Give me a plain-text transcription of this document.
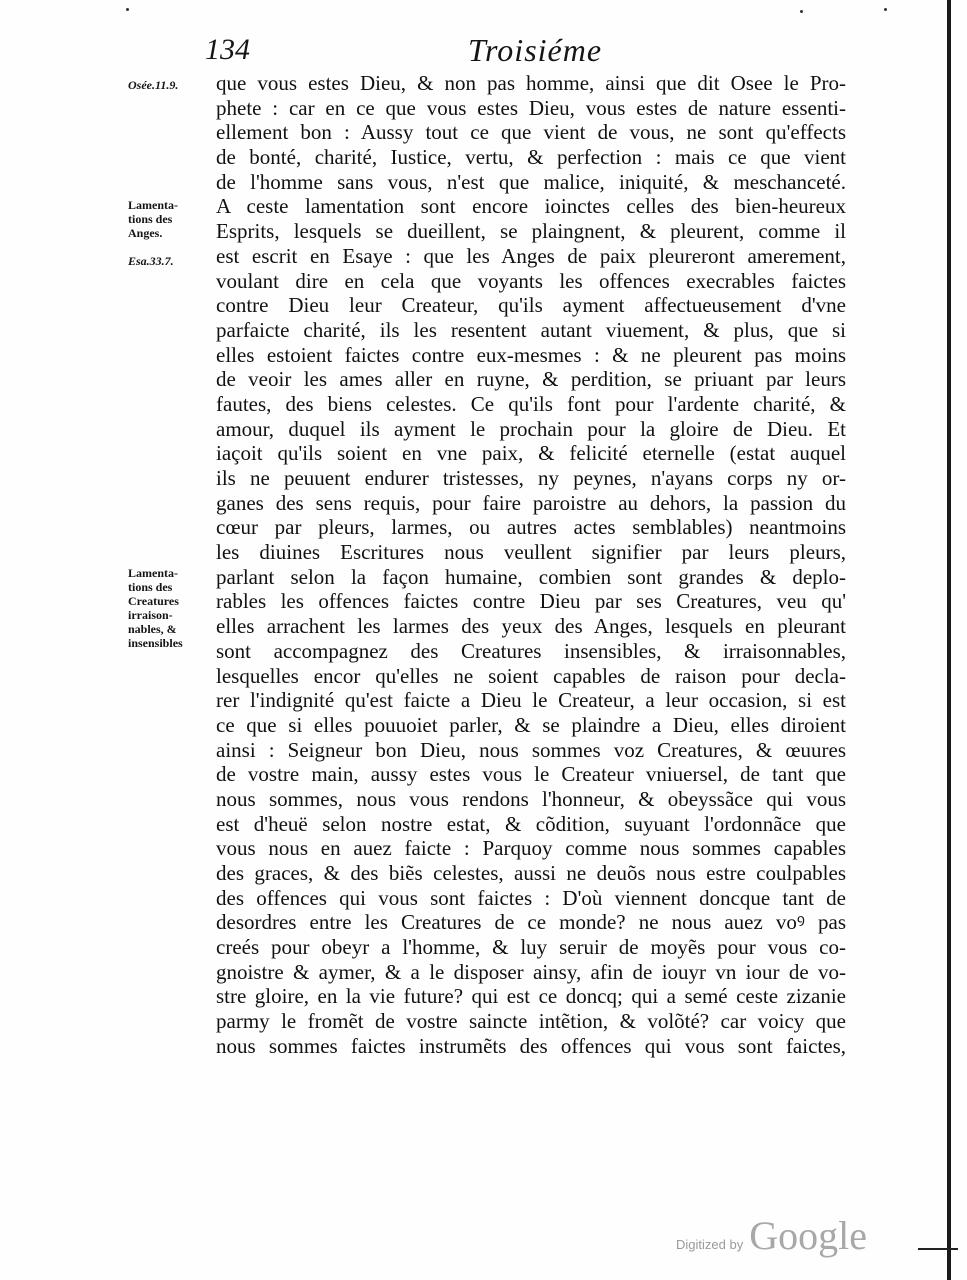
134	Troisiéme
Osée.11.9.
Lamenta-
tions des
Anges.
Esa.33.7.
Lamenta-
tions des
Creatures
irraison-
nables, &
insensibles
que vous estes Dieu, & non pas homme, ainsi que dit Osee le Pro-
phete : car en ce que vous estes Dieu, vous estes de nature essenti-
ellement bon : Aussy tout ce que vient de vous, ne sont qu'effects
de bonté, charité, Iustice, vertu, & perfection : mais ce que vient
de l'homme sans vous, n'est que malice, iniquité, & meschanceté.
A ceste lamentation sont encore ioinctes celles des bien-heureux
Esprits, lesquels se dueillent, se plaingnent, & pleurent, comme il
est escrit en Esaye : que les Anges de paix pleureront amerement,
voulant dire en cela que voyants les offences execrables faictes
contre Dieu leur Createur, qu'ils ayment affectueusement d'vne
parfaicte charité, ils les resentent autant viuement, & plus, que si
elles estoient faictes contre eux-mesmes : & ne pleurent pas moins
de veoir les ames aller en ruyne, & perdition, se priuant par leurs
fautes, des biens celestes. Ce qu'ils font pour l'ardente charité, &
amour, duquel ils ayment le prochain pour la gloire de Dieu. Et
iaçoit qu'ils soient en vne paix, & felicité eternelle (estat auquel
ils ne peuuent endurer tristesses, ny peynes, n'ayans corps ny or-
ganes des sens requis, pour faire paroistre au dehors, la passion du
cœur par pleurs, larmes, ou autres actes semblables) neantmoins
les diuines Escritures nous veullent signifier par leurs pleurs,
parlant selon la façon humaine, combien sont grandes & deplo-
rables les offences faictes contre Dieu par ses Creatures, veu qu'
elles arrachent les larmes des yeux des Anges, lesquels en pleurant
sont accompagnez des Creatures insensibles, & irraisonnables,
lesquelles encor qu'elles ne soient capables de raison pour decla-
rer l'indignité qu'est faicte a Dieu le Createur, a leur occasion, si est
ce que si elles pouuoiet parler, & se plaindre a Dieu, elles diroient
ainsi : Seigneur bon Dieu, nous sommes voz Creatures, & œuures
de vostre main, aussy estes vous le Createur vniuersel, de tant que
nous sommes, nous vous rendons l'honneur, & obeyssãce qui vous
est d'heuë selon nostre estat, & cõdition, suyuant l'ordonnãce que
vous nous en auez faicte : Parquoy comme nous sommes capables
des graces, & des biẽs celestes, aussi ne deuõs nous estre coulpables
des offences qui vous sont faictes : D'où viennent doncque tant de
desordres entre les Creatures de ce monde? ne nous auez voꝰ pas
creés pour obeyr a l'homme, & luy seruir de moyẽs pour vous co-
gnoistre & aymer, & a le disposer ainsy, afin de iouyr vn iour de vo-
stre gloire, en la vie future? qui est ce doncq; qui a semé ceste zizanie
parmy le fromẽt de vostre saincte intẽtion, & volõté? car voicy que
nous sommes faictes instrumẽts des offences qui vous sont faictes,
Digitized by Google
